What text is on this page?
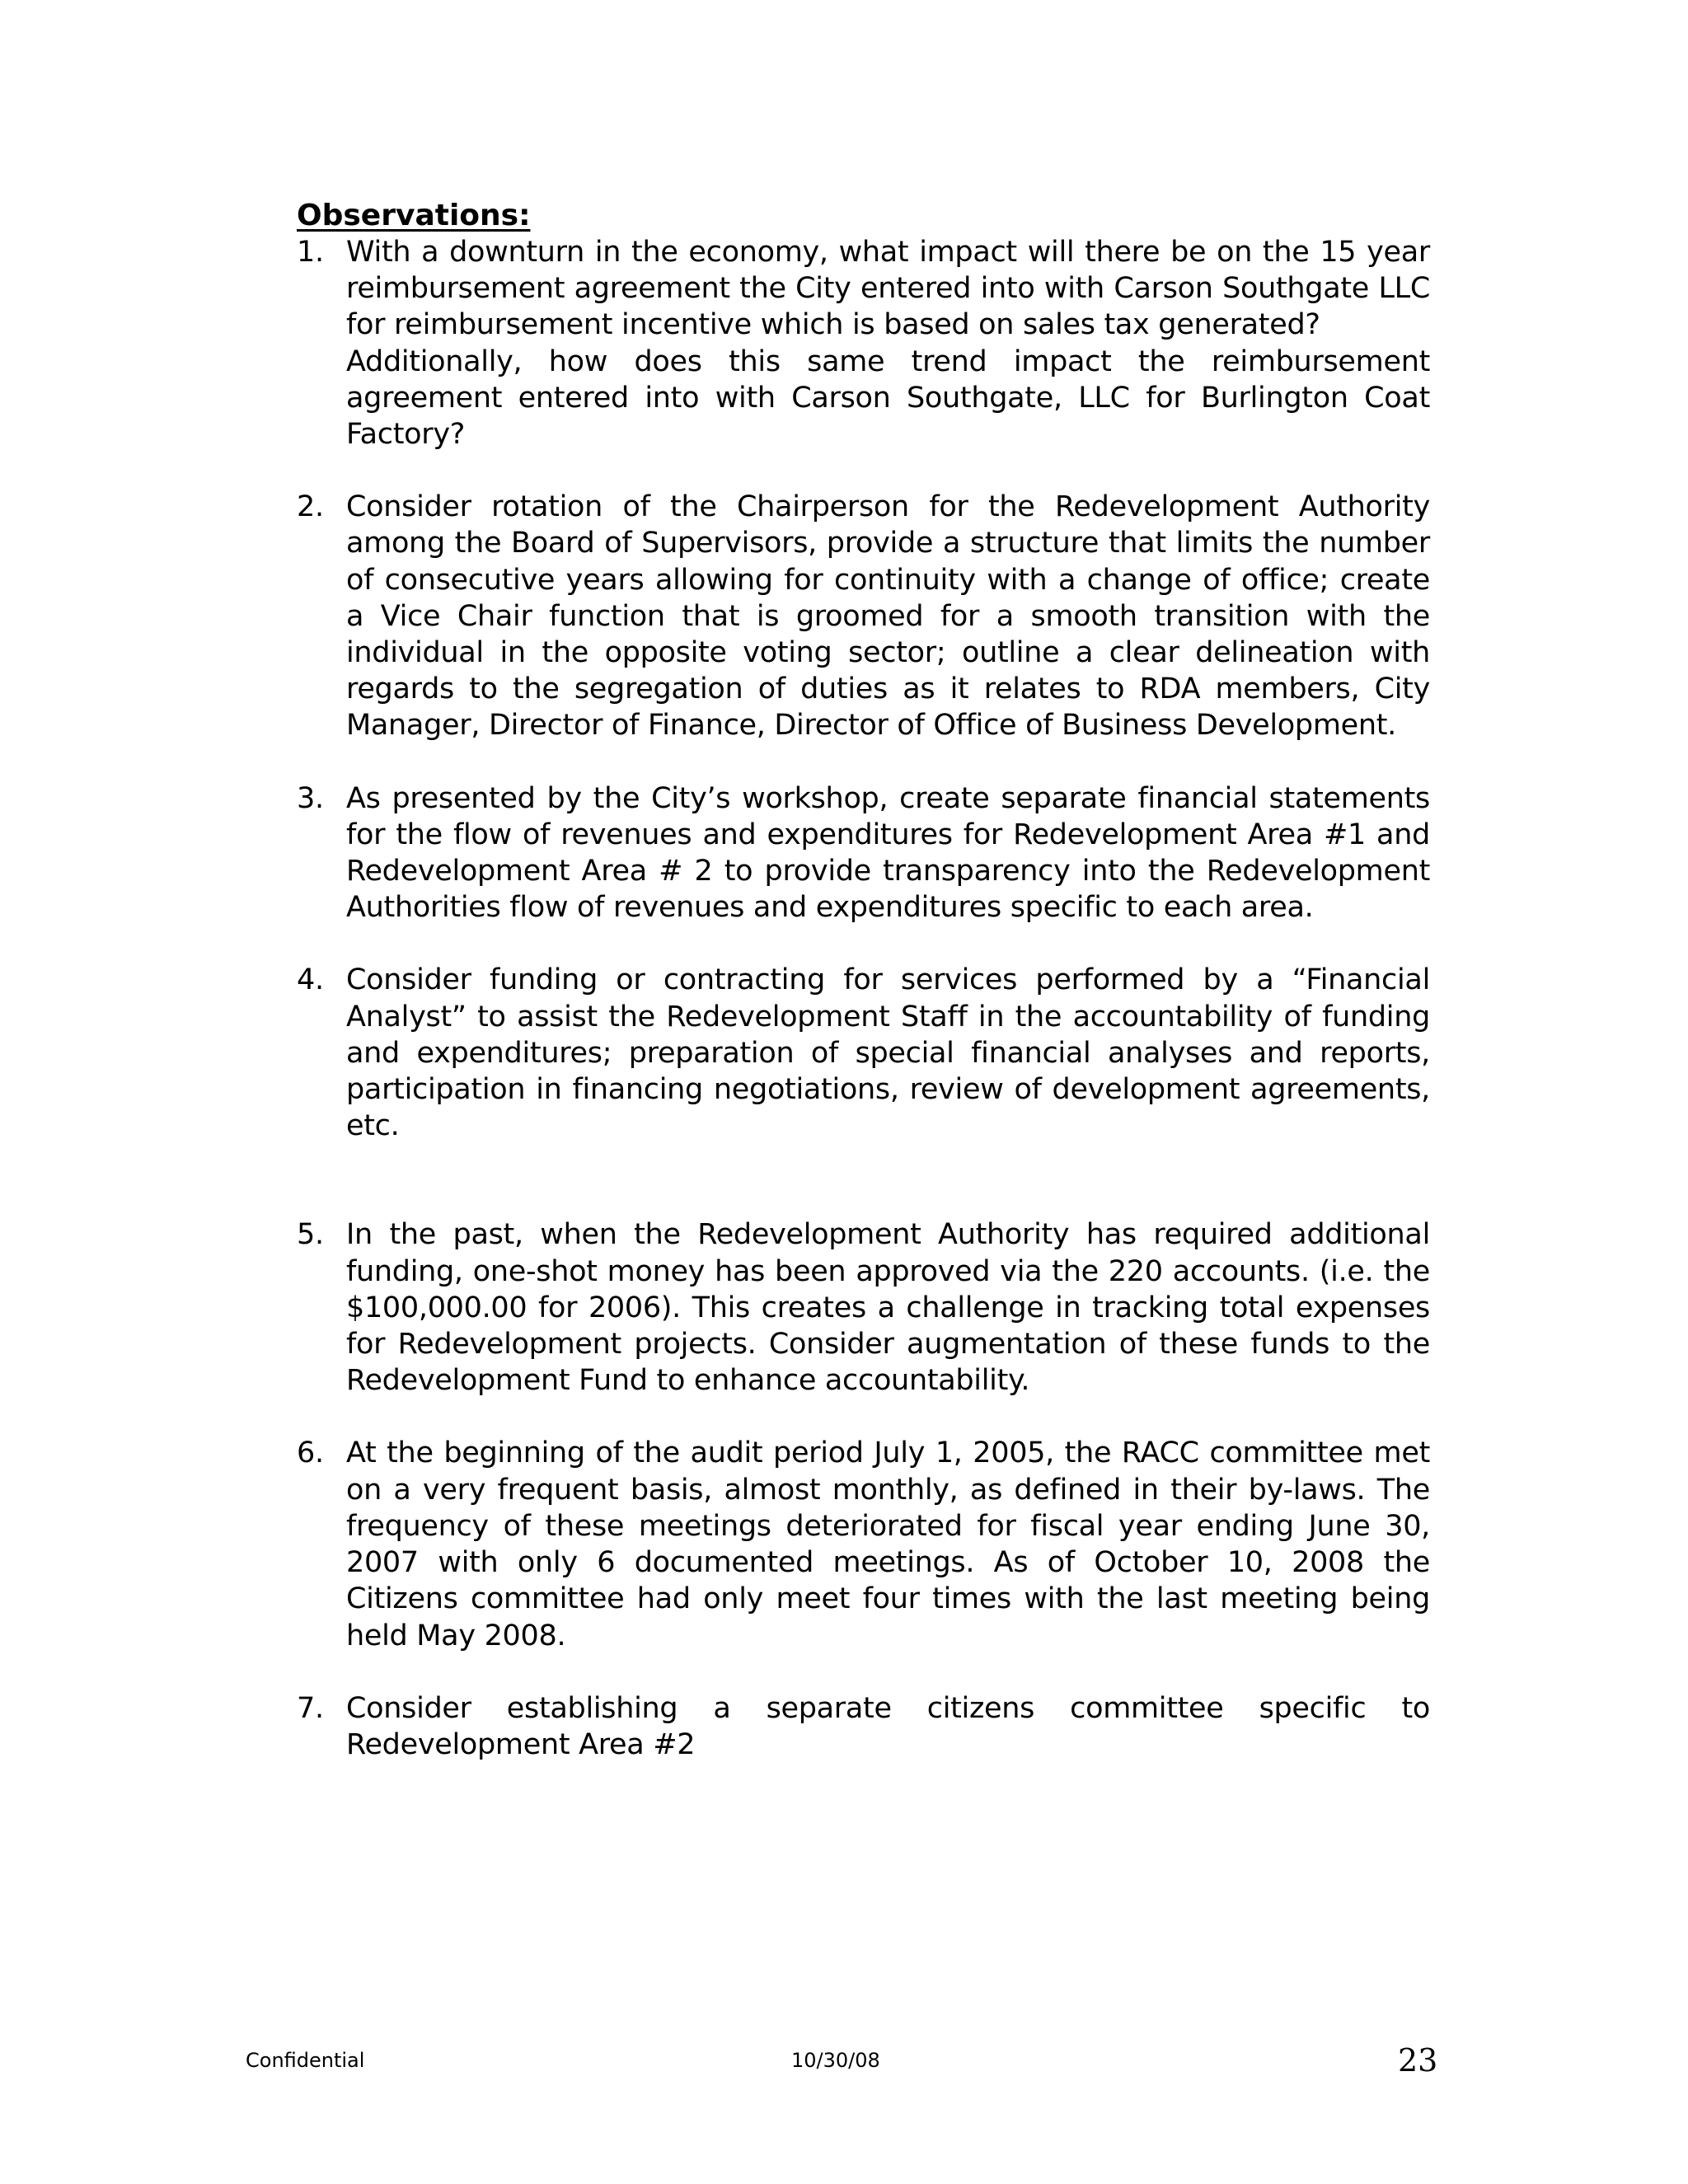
Observations:

1. With a downturn in the economy, what impact will there be on the 15 year reimbursement agreement the City entered into with Carson Southgate LLC for reimbursement incentive which is based on sales tax generated?

Additionally, how does this same trend impact the reimbursement agreement entered into with Carson Southgate, LLC for Burlington Coat Factory?

2. Consider rotation of the Chairperson for the Redevelopment Authority among the Board of Supervisors, provide a structure that limits the number of consecutive years allowing for continuity with a change of office; create a Vice Chair function that is groomed for a smooth transition with the individual in the opposite voting sector; outline a clear delineation with regards to the segregation of duties as it relates to RDA members, City Manager, Director of Finance, Director of Office of Business Development.

3. As presented by the City’s workshop, create separate financial statements for the flow of revenues and expenditures for Redevelopment Area #1 and Redevelopment Area # 2 to provide transparency into the Redevelopment Authorities flow of revenues and expenditures specific to each area.

4. Consider funding or contracting for services performed by a “Financial Analyst” to assist the Redevelopment Staff in the accountability of funding and expenditures; preparation of special financial analyses and reports, participation in financing negotiations, review of development agreements, etc.

5. In the past, when the Redevelopment Authority has required additional funding, one-shot money has been approved via the 220 accounts. (i.e. the $100,000.00 for 2006). This creates a challenge in tracking total expenses for Redevelopment projects. Consider augmentation of these funds to the Redevelopment Fund to enhance accountability.

6. At the beginning of the audit period July 1, 2005, the RACC committee met on a very frequent basis, almost monthly, as defined in their by-laws. The frequency of these meetings deteriorated for fiscal year ending June 30, 2007 with only 6 documented meetings. As of October 10, 2008 the Citizens committee had only meet four times with the last meeting being held May 2008.

7. Consider establishing a separate citizens committee specific to Redevelopment Area #2

Confidential	10/30/08	23
